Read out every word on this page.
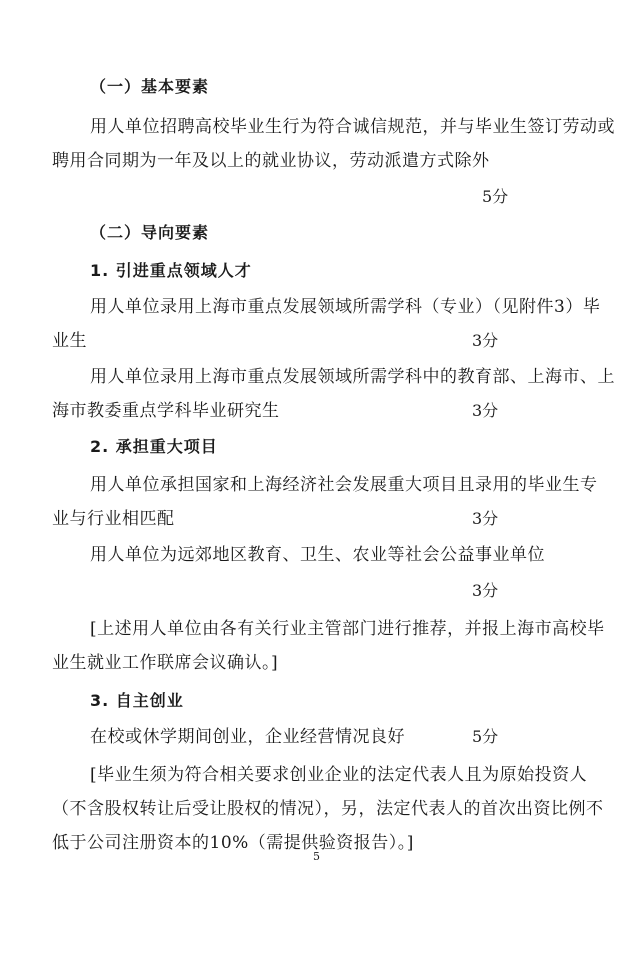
（一）基本要素
用人单位招聘高校毕业生行为符合诚信规范，并与毕业生签订劳动或
聘用合同期为一年及以上的就业协议，劳动派遣方式除外
5分
（二）导向要素
1. 引进重点领域人才
用人单位录用上海市重点发展领域所需学科（专业）（见附件3）毕
业生	3分
用人单位录用上海市重点发展领域所需学科中的教育部、上海市、上
海市教委重点学科毕业研究生	3分
2. 承担重大项目
用人单位承担国家和上海经济社会发展重大项目且录用的毕业生专
业与行业相匹配	3分
用人单位为远郊地区教育、卫生、农业等社会公益事业单位
3分
[上述用人单位由各有关行业主管部门进行推荐，并报上海市高校毕
业生就业工作联席会议确认。]
3. 自主创业
在校或休学期间创业，企业经营情况良好	5分
[毕业生须为符合相关要求创业企业的法定代表人且为原始投资人
（不含股权转让后受让股权的情况），另，法定代表人的首次出资比例不
低于公司注册资本的10%（需提供验资报告）。]
5
